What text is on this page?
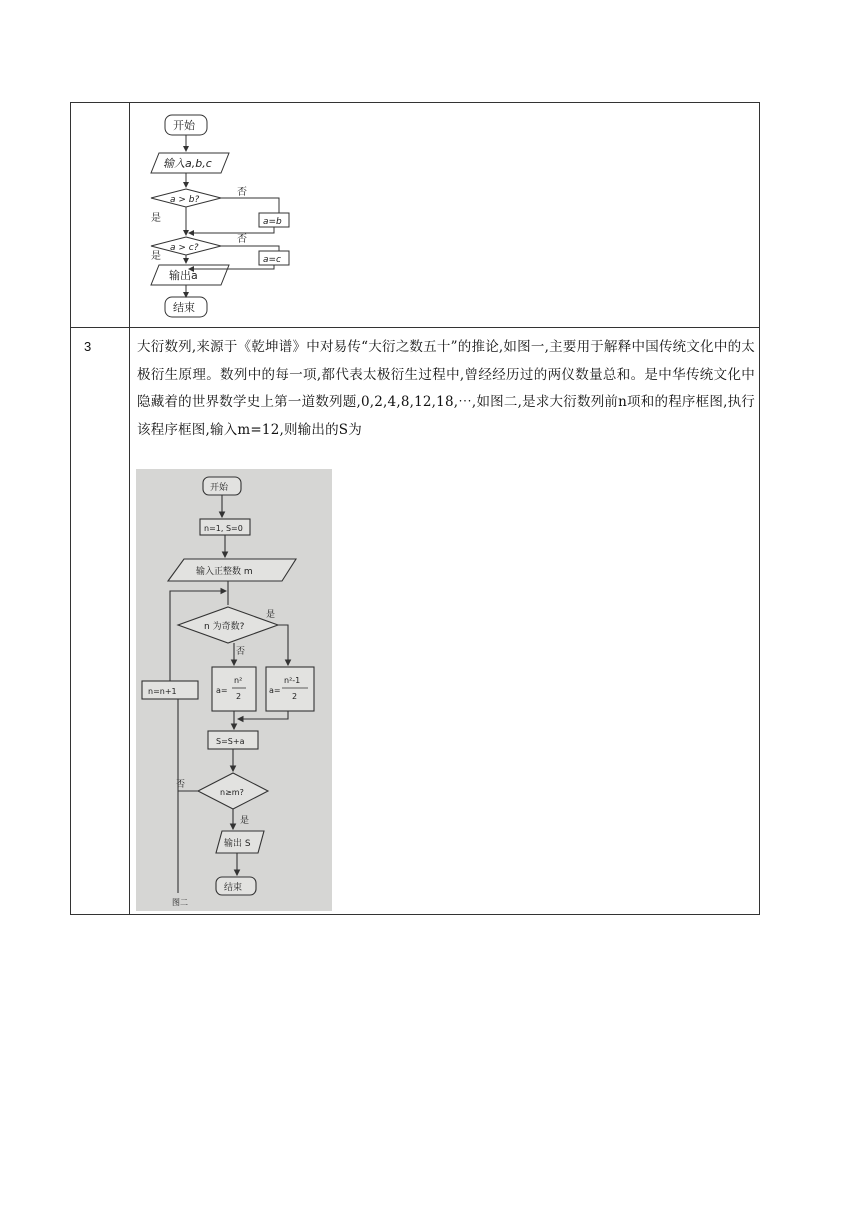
开始
输入a,b,c
a > b?
否
是	a=b
a > c?
否
是	a=c
输出a
结束
3	大衍数列,来源于《乾坤谱》中对易传“大衍之数五十”的推论,如图一,主要用于解释中国传统文化中的太极衍生原理。数列中的每一项,都代表太极衍生过程中,曾经经历过的两仪数量总和。是中华传统文化中隐藏着的世界数学史上第一道数列题,0,2,4,8,12,18,⋯,如图二,是求大衍数列前n项和的程序框图,执行该程序框图,输入m=12,则输出的S为
开始
n=1, S=0
输入正整数 m
n 为奇数?
是
否
a=
n²
2
a=
n²-1
2
n=n+1
S=S+a
n≥m?
否
是
输出 S
结束
图二
